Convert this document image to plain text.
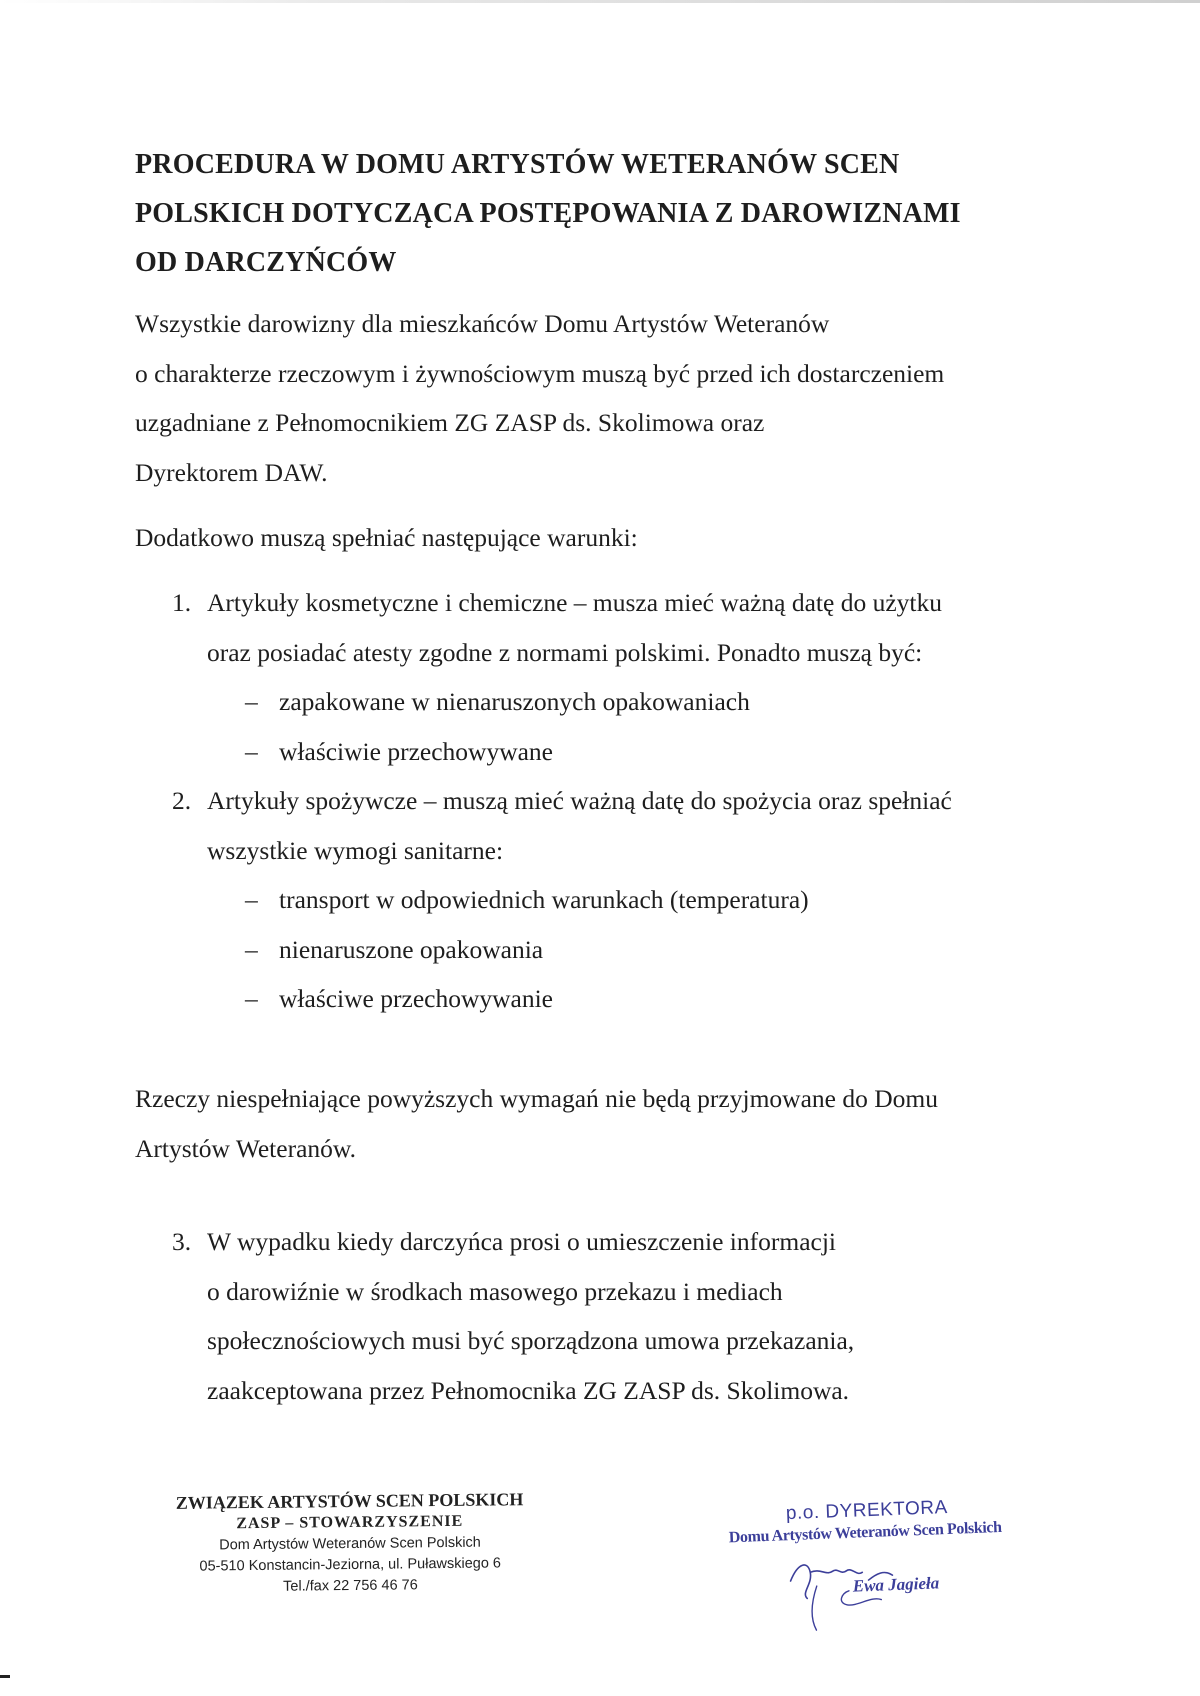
PROCEDURA W DOMU ARTYSTÓW WETERANÓW SCEN
POLSKICH DOTYCZĄCA POSTĘPOWANIA Z DAROWIZNAMI
OD DARCZYŃCÓW

Wszystkie darowizny dla mieszkańców Domu Artystów Weteranów
o charakterze rzeczowym i żywnościowym muszą być przed ich dostarczeniem
uzgadniane z Pełnomocnikiem ZG ZASP ds. Skolimowa oraz
Dyrektorem DAW.

Dodatkowo muszą spełniać następujące warunki:

1. Artykuły kosmetyczne i chemiczne – musza mieć ważną datę do użytku
oraz posiadać atesty zgodne z normami polskimi. Ponadto muszą być:
– zapakowane w nienaruszonych opakowaniach
– właściwie przechowywane
2. Artykuły spożywcze – muszą mieć ważną datę do spożycia oraz spełniać
wszystkie wymogi sanitarne:
– transport w odpowiednich warunkach (temperatura)
– nienaruszone opakowania
– właściwe przechowywanie

Rzeczy niespełniające powyższych wymagań nie będą przyjmowane do Domu
Artystów Weteranów.

3. W wypadku kiedy darczyńca prosi o umieszczenie informacji
o darowiźnie w środkach masowego przekazu i mediach
społecznościowych musi być sporządzona umowa przekazania,
zaakceptowana przez Pełnomocnika ZG ZASP ds. Skolimowa.
ZWIĄZEK ARTYSTÓW SCEN POLSKICH
ZASP – STOWARZYSZENIE
Dom Artystów Weteranów Scen Polskich
05-510 Konstancin-Jeziorna, ul. Puławskiego 6
Tel./fax 22 756 46 76
p.o. DYREKTORA
Domu Artystów Weteranów Scen Polskich
Ewa Jagieła
